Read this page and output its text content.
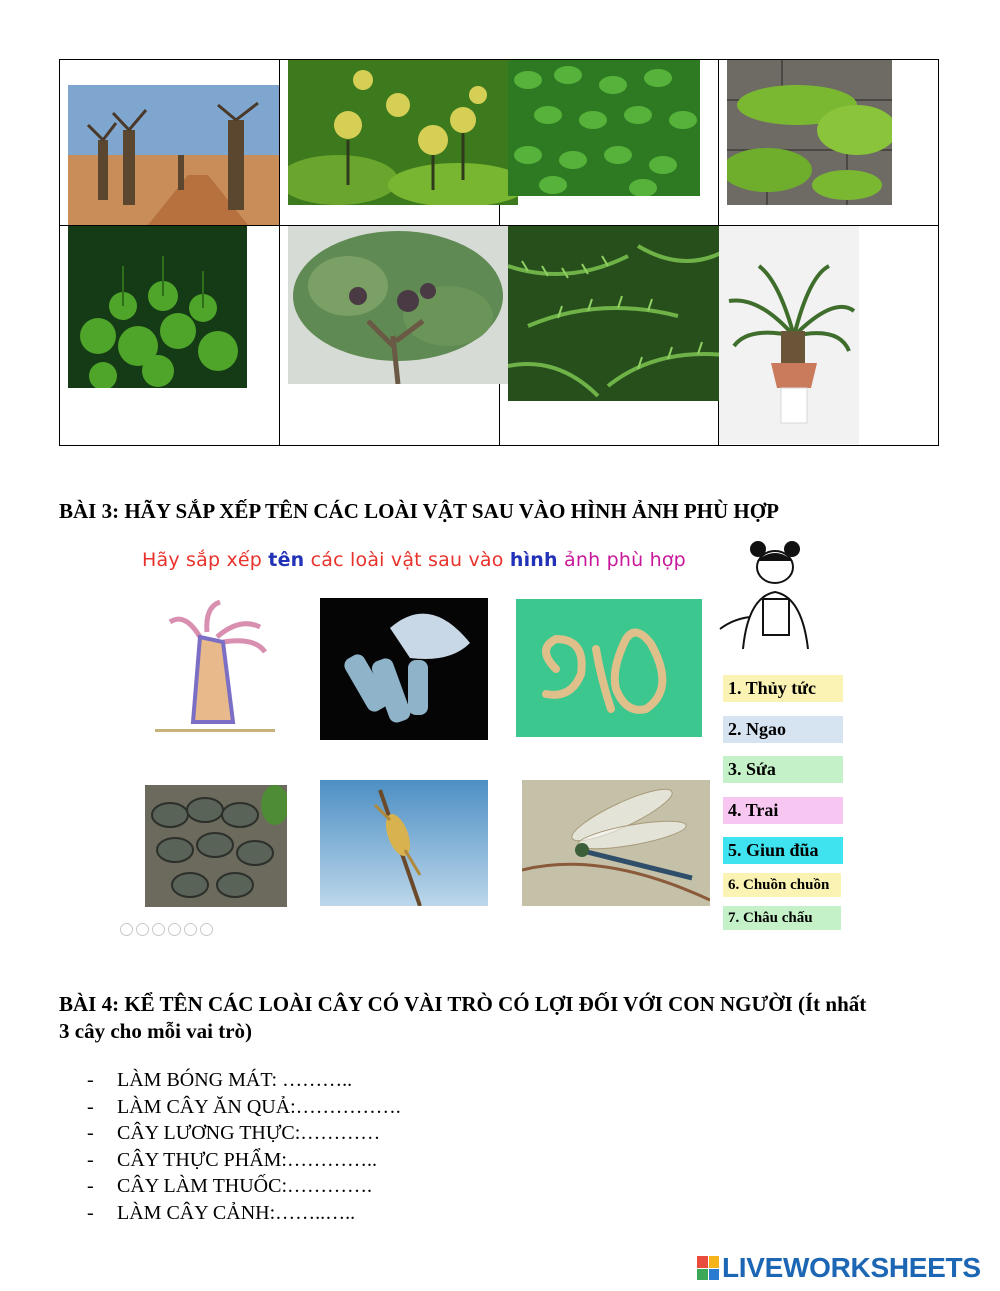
BÀI 3: HÃY SẮP XẾP TÊN CÁC LOÀI VẬT SAU VÀO HÌNH ẢNH PHÙ HỢP
Hãy sắp xếp tên các loài vật sau vào hình ảnh phù hợp
1. Thủy tức
2. Ngao
3. Sứa
4. Trai
5. Giun đũa
6. Chuồn chuồn
7. Châu chấu
BÀI 4: KỂ TÊN CÁC LOÀI CÂY CÓ VÀI TRÒ CÓ LỢI ĐỐI VỚI CON NGƯỜI (Ít nhất
3 cây cho mỗi vai trò)
- LÀM BÓNG MÁT: ………..
- LÀM CÂY ĂN QUẢ:…………….
- CÂY LƯƠNG THỰC:…………
- CÂY THỰC PHẨM:…………..
- CÂY LÀM THUỐC:………….
- LÀM CÂY CẢNH:……..…..
LIVEWORKSHEETS
